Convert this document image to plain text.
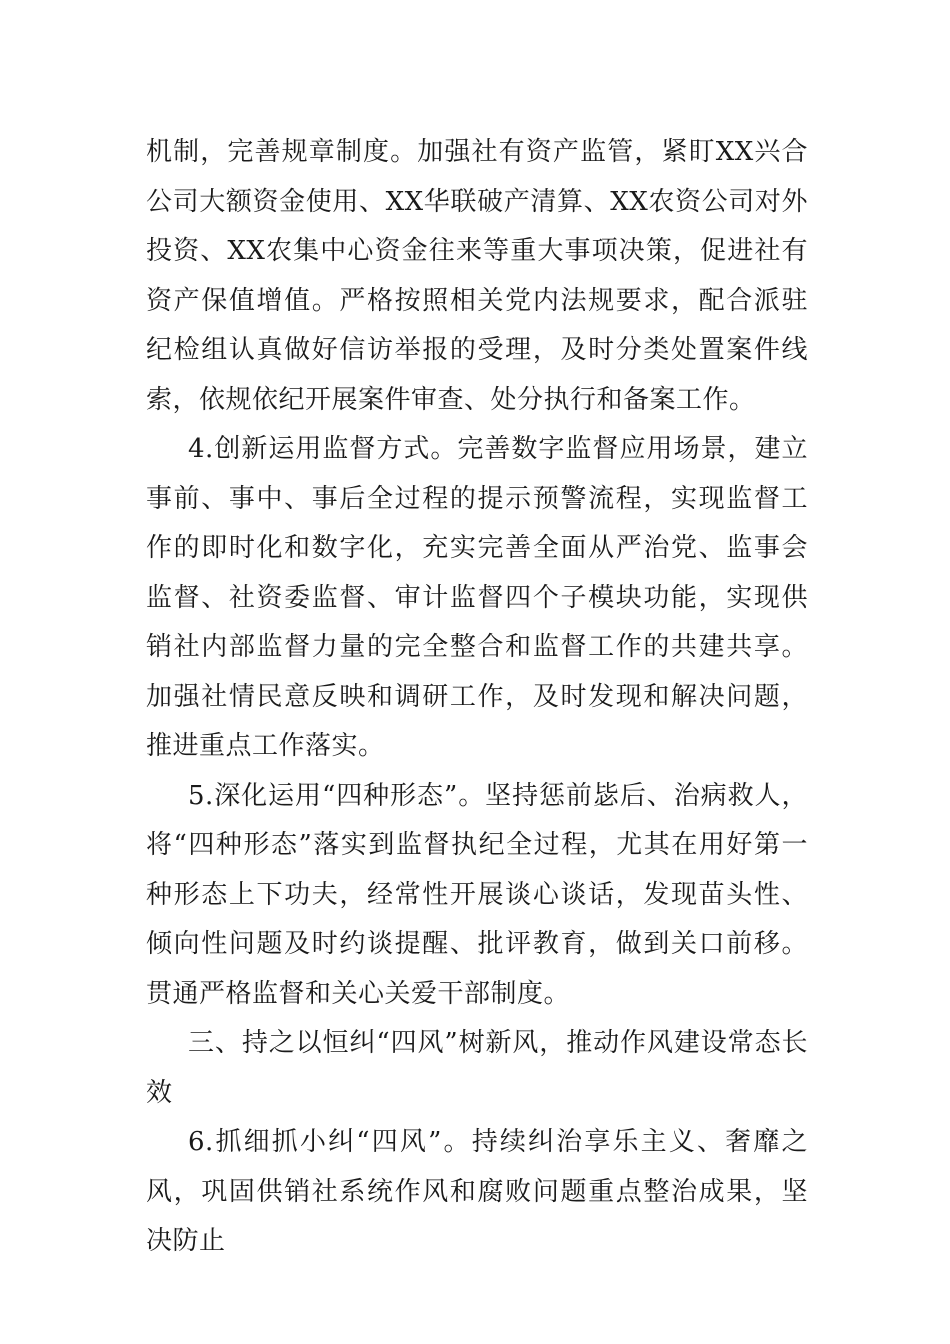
机制，完善规章制度。加强社有资产监管，紧盯XX兴合公司大额资金使用、XX华联破产清算、XX农资公司对外投资、XX农集中心资金往来等重大事项决策，促进社有资产保值增值。严格按照相关党内法规要求，配合派驻纪检组认真做好信访举报的受理，及时分类处置案件线索，依规依纪开展案件审查、处分执行和备案工作。

4.创新运用监督方式。完善数字监督应用场景，建立事前、事中、事后全过程的提示预警流程，实现监督工作的即时化和数字化，充实完善全面从严治党、监事会监督、社资委监督、审计监督四个子模块功能，实现供销社内部监督力量的完全整合和监督工作的共建共享。加强社情民意反映和调研工作，及时发现和解决问题，推进重点工作落实。

5.深化运用“四种形态”。坚持惩前毖后、治病救人，将“四种形态”落实到监督执纪全过程，尤其在用好第一种形态上下功夫，经常性开展谈心谈话，发现苗头性、倾向性问题及时约谈提醒、批评教育，做到关口前移。贯通严格监督和关心关爱干部制度。

三、持之以恒纠“四风”树新风，推动作风建设常态长效

6.抓细抓小纠“四风”。持续纠治享乐主义、奢靡之风，巩固供销社系统作风和腐败问题重点整治成果，坚决防止
